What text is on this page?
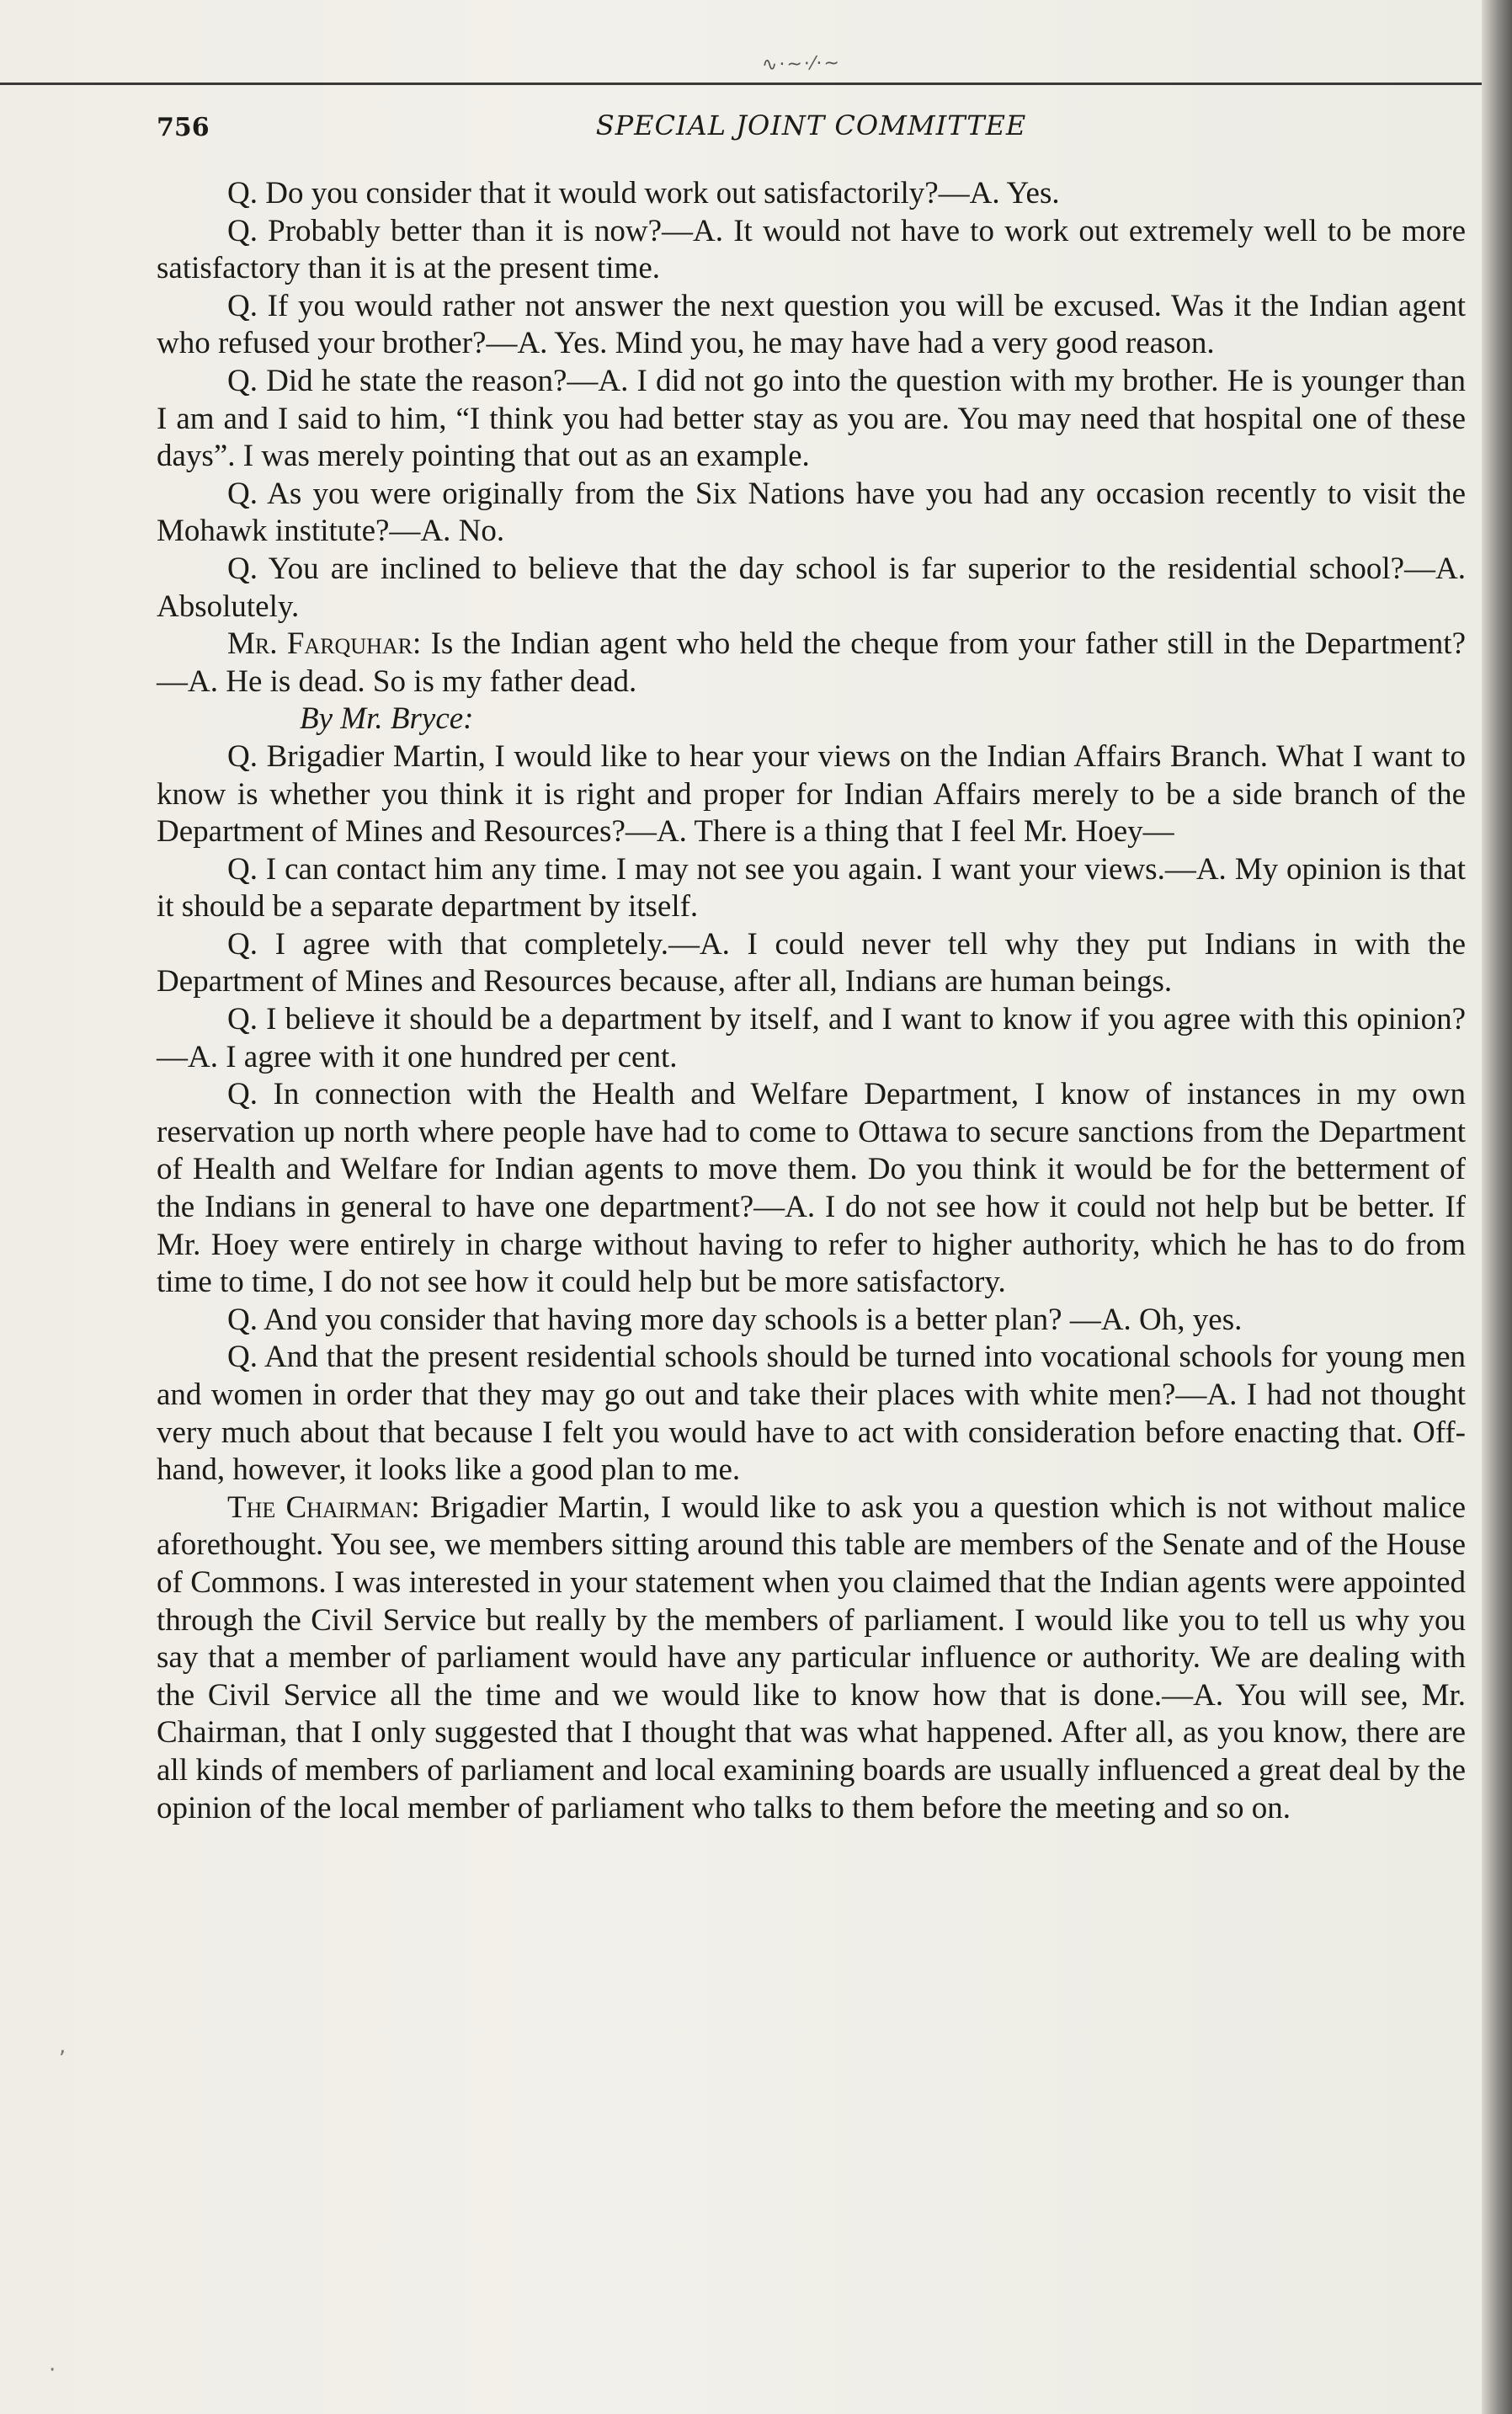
∿·∼·⁄·∼
756	SPECIAL JOINT COMMITTEE

Q. Do you consider that it would work out satisfactorily?—A. Yes.

Q. Probably better than it is now?—A. It would not have to work out extremely well to be more satisfactory than it is at the present time.

Q. If you would rather not answer the next question you will be excused. Was it the Indian agent who refused your brother?—A. Yes. Mind you, he may have had a very good reason.

Q. Did he state the reason?—A. I did not go into the question with my brother. He is younger than I am and I said to him, “I think you had better stay as you are. You may need that hospital one of these days”. I was merely pointing that out as an example.

Q. As you were originally from the Six Nations have you had any occasion recently to visit the Mohawk institute?—A. No.

Q. You are inclined to believe that the day school is far superior to the residential school?—A. Absolutely.

Mr. Farquhar: Is the Indian agent who held the cheque from your father still in the Department?—A. He is dead. So is my father dead.

By Mr. Bryce:

Q. Brigadier Martin, I would like to hear your views on the Indian Affairs Branch. What I want to know is whether you think it is right and proper for Indian Affairs merely to be a side branch of the Department of Mines and Resources?—A. There is a thing that I feel Mr. Hoey—

Q. I can contact him any time. I may not see you again. I want your views.—A. My opinion is that it should be a separate department by itself.

Q. I agree with that completely.—A. I could never tell why they put Indians in with the Department of Mines and Resources because, after all, Indians are human beings.

Q. I believe it should be a department by itself, and I want to know if you agree with this opinion?—A. I agree with it one hundred per cent.

Q. In connection with the Health and Welfare Department, I know of instances in my own reservation up north where people have had to come to Ottawa to secure sanctions from the Department of Health and Welfare for Indian agents to move them. Do you think it would be for the betterment of the Indians in general to have one department?—A. I do not see how it could not help but be better. If Mr. Hoey were entirely in charge without having to refer to higher authority, which he has to do from time to time, I do not see how it could help but be more satisfactory.

Q. And you consider that having more day schools is a better plan? —A. Oh, yes.

Q. And that the present residential schools should be turned into vocational schools for young men and women in order that they may go out and take their places with white men?—A. I had not thought very much about that because I felt you would have to act with consideration before enacting that. Off-hand, however, it looks like a good plan to me.

The Chairman: Brigadier Martin, I would like to ask you a question which is not without malice aforethought. You see, we members sitting around this table are members of the Senate and of the House of Commons. I was interested in your statement when you claimed that the Indian agents were appointed through the Civil Service but really by the members of parliament. I would like you to tell us why you say that a member of parliament would have any particular influence or authority. We are dealing with the Civil Service all the time and we would like to know how that is done.—A. You will see, Mr. Chairman, that I only suggested that I thought that was what happened. After all, as you know, there are all kinds of members of parliament and local examining boards are usually influenced a great deal by the opinion of the local member of parliament who talks to them before the meeting and so on.

,
·
